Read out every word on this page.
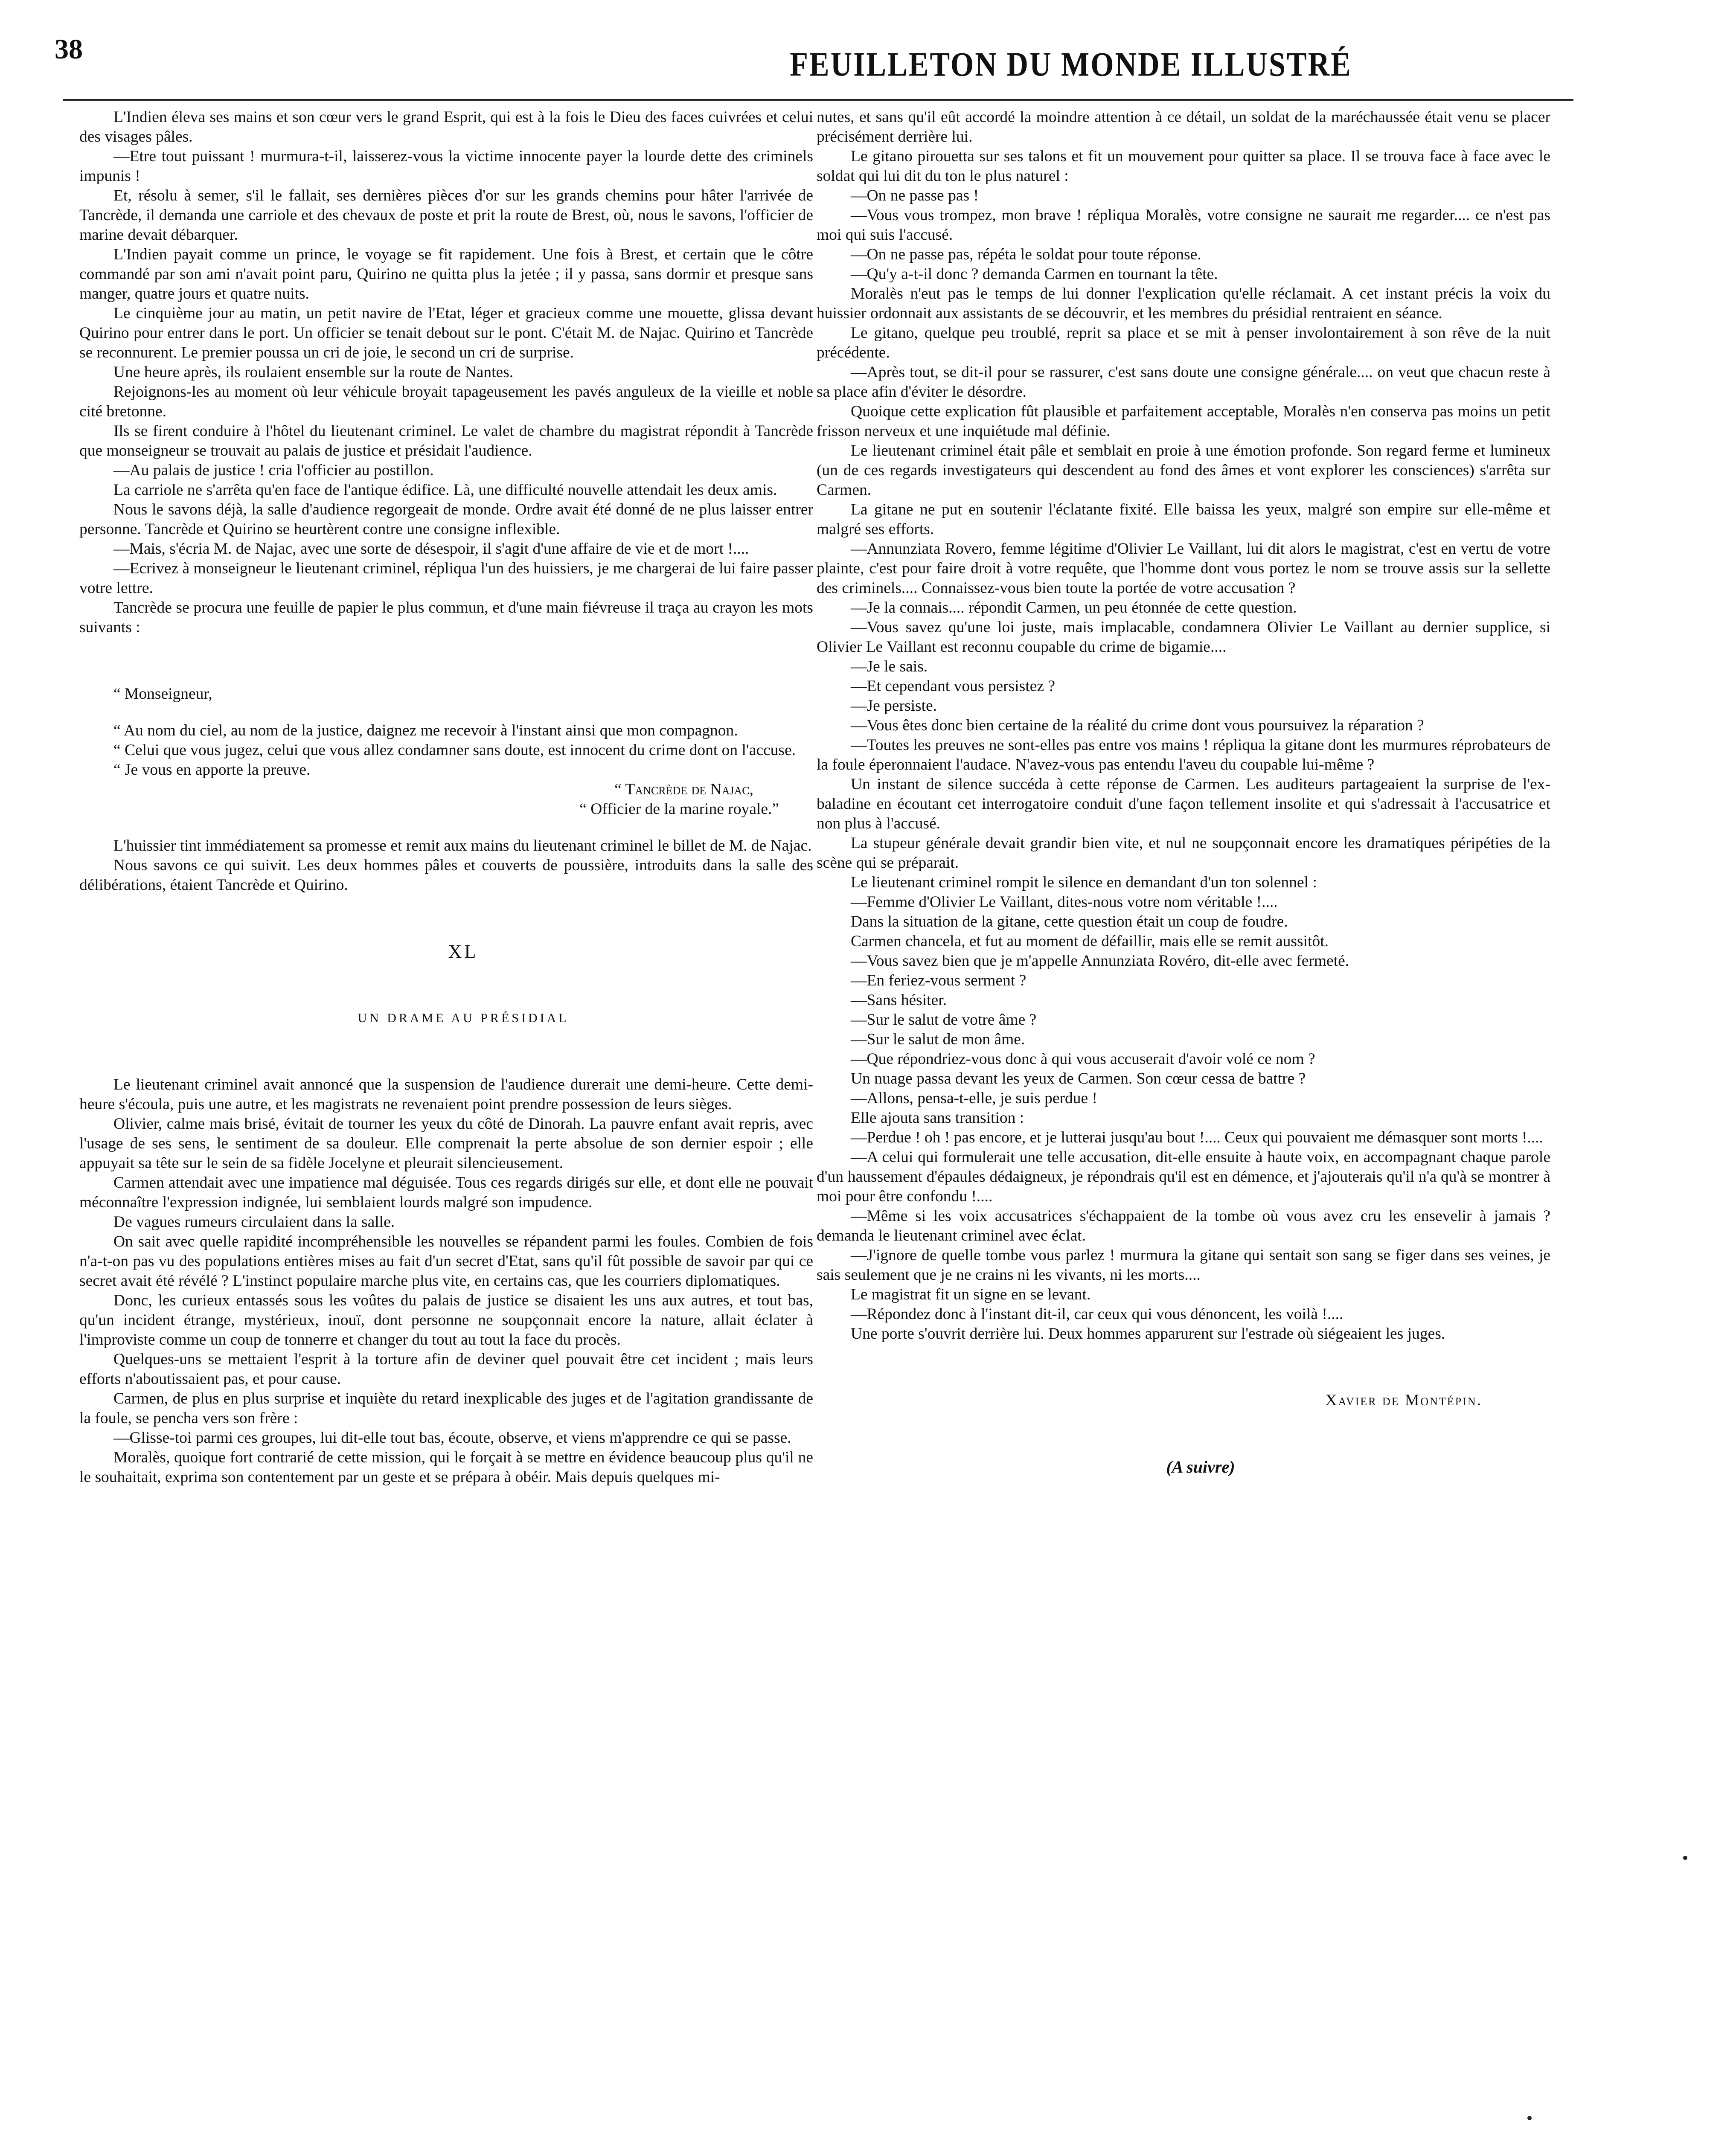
38	FEUILLETON DU MONDE ILLUSTRÉ

L'Indien éleva ses mains et son cœur vers le grand Esprit, qui est à la fois le Dieu des faces cuivrées et celui des visages pâles.

—Etre tout puissant ! murmura-t-il, laisserez-vous la victime innocente payer la lourde dette des criminels impunis !

Et, résolu à semer, s'il le fallait, ses dernières pièces d'or sur les grands chemins pour hâter l'arrivée de Tancrède, il demanda une carriole et des chevaux de poste et prit la route de Brest, où, nous le savons, l'officier de marine devait débarquer.

L'Indien payait comme un prince, le voyage se fit rapidement. Une fois à Brest, et certain que le côtre commandé par son ami n'avait point paru, Quirino ne quitta plus la jetée ; il y passa, sans dormir et presque sans manger, quatre jours et quatre nuits.

Le cinquième jour au matin, un petit navire de l'Etat, léger et gracieux comme une mouette, glissa devant Quirino pour entrer dans le port. Un officier se tenait debout sur le pont. C'était M. de Najac. Quirino et Tancrède se reconnurent. Le premier poussa un cri de joie, le second un cri de surprise.

Une heure après, ils roulaient ensemble sur la route de Nantes.

Rejoignons-les au moment où leur véhicule broyait tapageusement les pavés anguleux de la vieille et noble cité bretonne.

Ils se firent conduire à l'hôtel du lieutenant criminel. Le valet de chambre du magistrat répondit à Tancrède que monseigneur se trouvait au palais de justice et présidait l'audience.

—Au palais de justice ! cria l'officier au postillon.

La carriole ne s'arrêta qu'en face de l'antique édifice. Là, une difficulté nouvelle attendait les deux amis.

Nous le savons déjà, la salle d'audience regorgeait de monde. Ordre avait été donné de ne plus laisser entrer personne. Tancrède et Quirino se heurtèrent contre une consigne inflexible.

—Mais, s'écria M. de Najac, avec une sorte de désespoir, il s'agit d'une affaire de vie et de mort !....

—Ecrivez à monseigneur le lieutenant criminel, répliqua l'un des huissiers, je me chargerai de lui faire passer votre lettre.

Tancrède se procura une feuille de papier le plus commun, et d'une main fiévreuse il traça au crayon les mots suivants :

“ Monseigneur,

“ Au nom du ciel, au nom de la justice, daignez me recevoir à l'instant ainsi que mon compagnon.

“ Celui que vous jugez, celui que vous allez condamner sans doute, est innocent du crime dont on l'accuse.

“ Je vous en apporte la preuve.

“ Tancrède de Najac,

“ Officier de la marine royale.”

L'huissier tint immédiatement sa promesse et remit aux mains du lieutenant criminel le billet de M. de Najac.

Nous savons ce qui suivit. Les deux hommes pâles et couverts de poussière, introduits dans la salle des délibérations, étaient Tancrède et Quirino.

XL

UN DRAME AU PRÉSIDIAL

Le lieutenant criminel avait annoncé que la suspension de l'audience durerait une demi-heure. Cette demi-heure s'écoula, puis une autre, et les magistrats ne revenaient point prendre possession de leurs sièges.

Olivier, calme mais brisé, évitait de tourner les yeux du côté de Dinorah. La pauvre enfant avait repris, avec l'usage de ses sens, le sentiment de sa douleur. Elle comprenait la perte absolue de son dernier espoir ; elle appuyait sa tête sur le sein de sa fidèle Jocelyne et pleurait silencieusement.

Carmen attendait avec une impatience mal déguisée. Tous ces regards dirigés sur elle, et dont elle ne pouvait méconnaître l'expression indignée, lui semblaient lourds malgré son impudence.

De vagues rumeurs circulaient dans la salle.

On sait avec quelle rapidité incompréhensible les nouvelles se répandent parmi les foules. Combien de fois n'a-t-on pas vu des populations entières mises au fait d'un secret d'Etat, sans qu'il fût possible de savoir par qui ce secret avait été révélé ? L'instinct populaire marche plus vite, en certains cas, que les courriers diplomatiques.

Donc, les curieux entassés sous les voûtes du palais de justice se disaient les uns aux autres, et tout bas, qu'un incident étrange, mystérieux, inouï, dont personne ne soupçonnait encore la nature, allait éclater à l'improviste comme un coup de tonnerre et changer du tout au tout la face du procès.

Quelques-uns se mettaient l'esprit à la torture afin de deviner quel pouvait être cet incident ; mais leurs efforts n'aboutissaient pas, et pour cause.

Carmen, de plus en plus surprise et inquiète du retard inexplicable des juges et de l'agitation grandissante de la foule, se pencha vers son frère :

—Glisse-toi parmi ces groupes, lui dit-elle tout bas, écoute, observe, et viens m'apprendre ce qui se passe.

Moralès, quoique fort contrarié de cette mission, qui le forçait à se mettre en évidence beaucoup plus qu'il ne le souhaitait, exprima son contentement par un geste et se prépara à obéir. Mais depuis quelques mi-

nutes, et sans qu'il eût accordé la moindre attention à ce détail, un soldat de la maréchaussée était venu se placer précisément derrière lui.

Le gitano pirouetta sur ses talons et fit un mouvement pour quitter sa place. Il se trouva face à face avec le soldat qui lui dit du ton le plus naturel :

—On ne passe pas !

—Vous vous trompez, mon brave ! répliqua Moralès, votre consigne ne saurait me regarder.... ce n'est pas moi qui suis l'accusé.

—On ne passe pas, répéta le soldat pour toute réponse.

—Qu'y a-t-il donc ? demanda Carmen en tournant la tête.

Moralès n'eut pas le temps de lui donner l'explication qu'elle réclamait. A cet instant précis la voix du huissier ordonnait aux assistants de se découvrir, et les membres du présidial rentraient en séance.

Le gitano, quelque peu troublé, reprit sa place et se mit à penser involontairement à son rêve de la nuit précédente.

—Après tout, se dit-il pour se rassurer, c'est sans doute une consigne générale.... on veut que chacun reste à sa place afin d'éviter le désordre.

Quoique cette explication fût plausible et parfaitement acceptable, Moralès n'en conserva pas moins un petit frisson nerveux et une inquiétude mal définie.

Le lieutenant criminel était pâle et semblait en proie à une émotion profonde. Son regard ferme et lumineux (un de ces regards investigateurs qui descendent au fond des âmes et vont explorer les consciences) s'arrêta sur Carmen.

La gitane ne put en soutenir l'éclatante fixité. Elle baissa les yeux, malgré son empire sur elle-même et malgré ses efforts.

—Annunziata Rovero, femme légitime d'Olivier Le Vaillant, lui dit alors le magistrat, c'est en vertu de votre plainte, c'est pour faire droit à votre requête, que l'homme dont vous portez le nom se trouve assis sur la sellette des criminels.... Connaissez-vous bien toute la portée de votre accusation ?

—Je la connais.... répondit Carmen, un peu étonnée de cette question.

—Vous savez qu'une loi juste, mais implacable, condamnera Olivier Le Vaillant au dernier supplice, si Olivier Le Vaillant est reconnu coupable du crime de bigamie....

—Je le sais.

—Et cependant vous persistez ?

—Je persiste.

—Vous êtes donc bien certaine de la réalité du crime dont vous poursuivez la réparation ?

—Toutes les preuves ne sont-elles pas entre vos mains ! répliqua la gitane dont les murmures réprobateurs de la foule éperonnaient l'audace. N'avez-vous pas entendu l'aveu du coupable lui-même ?

Un instant de silence succéda à cette réponse de Carmen. Les auditeurs partageaient la surprise de l'ex-baladine en écoutant cet interrogatoire conduit d'une façon tellement insolite et qui s'adressait à l'accusatrice et non plus à l'accusé.

La stupeur générale devait grandir bien vite, et nul ne soupçonnait encore les dramatiques péripéties de la scène qui se préparait.

Le lieutenant criminel rompit le silence en demandant d'un ton solennel :

—Femme d'Olivier Le Vaillant, dites-nous votre nom véritable !....

Dans la situation de la gitane, cette question était un coup de foudre.

Carmen chancela, et fut au moment de défaillir, mais elle se remit aussitôt.

—Vous savez bien que je m'appelle Annunziata Rovéro, dit-elle avec fermeté.

—En feriez-vous serment ?

—Sans hésiter.

—Sur le salut de votre âme ?

—Sur le salut de mon âme.

—Que répondriez-vous donc à qui vous accuserait d'avoir volé ce nom ?

Un nuage passa devant les yeux de Carmen. Son cœur cessa de battre ?

—Allons, pensa-t-elle, je suis perdue !

Elle ajouta sans transition :

—Perdue ! oh ! pas encore, et je lutterai jusqu'au bout !.... Ceux qui pouvaient me démasquer sont morts !....

—A celui qui formulerait une telle accusation, dit-elle ensuite à haute voix, en accompagnant chaque parole d'un haussement d'épaules dédaigneux, je répondrais qu'il est en démence, et j'ajouterais qu'il n'a qu'à se montrer à moi pour être confondu !....

—Même si les voix accusatrices s'échappaient de la tombe où vous avez cru les ensevelir à jamais ? demanda le lieutenant criminel avec éclat.

—J'ignore de quelle tombe vous parlez ! murmura la gitane qui sentait son sang se figer dans ses veines, je sais seulement que je ne crains ni les vivants, ni les morts....

Le magistrat fit un signe en se levant.

—Répondez donc à l'instant dit-il, car ceux qui vous dénoncent, les voilà !....

Une porte s'ouvrit derrière lui. Deux hommes apparurent sur l'estrade où siégeaient les juges.

Xavier de Montépin.

(A suivre)
